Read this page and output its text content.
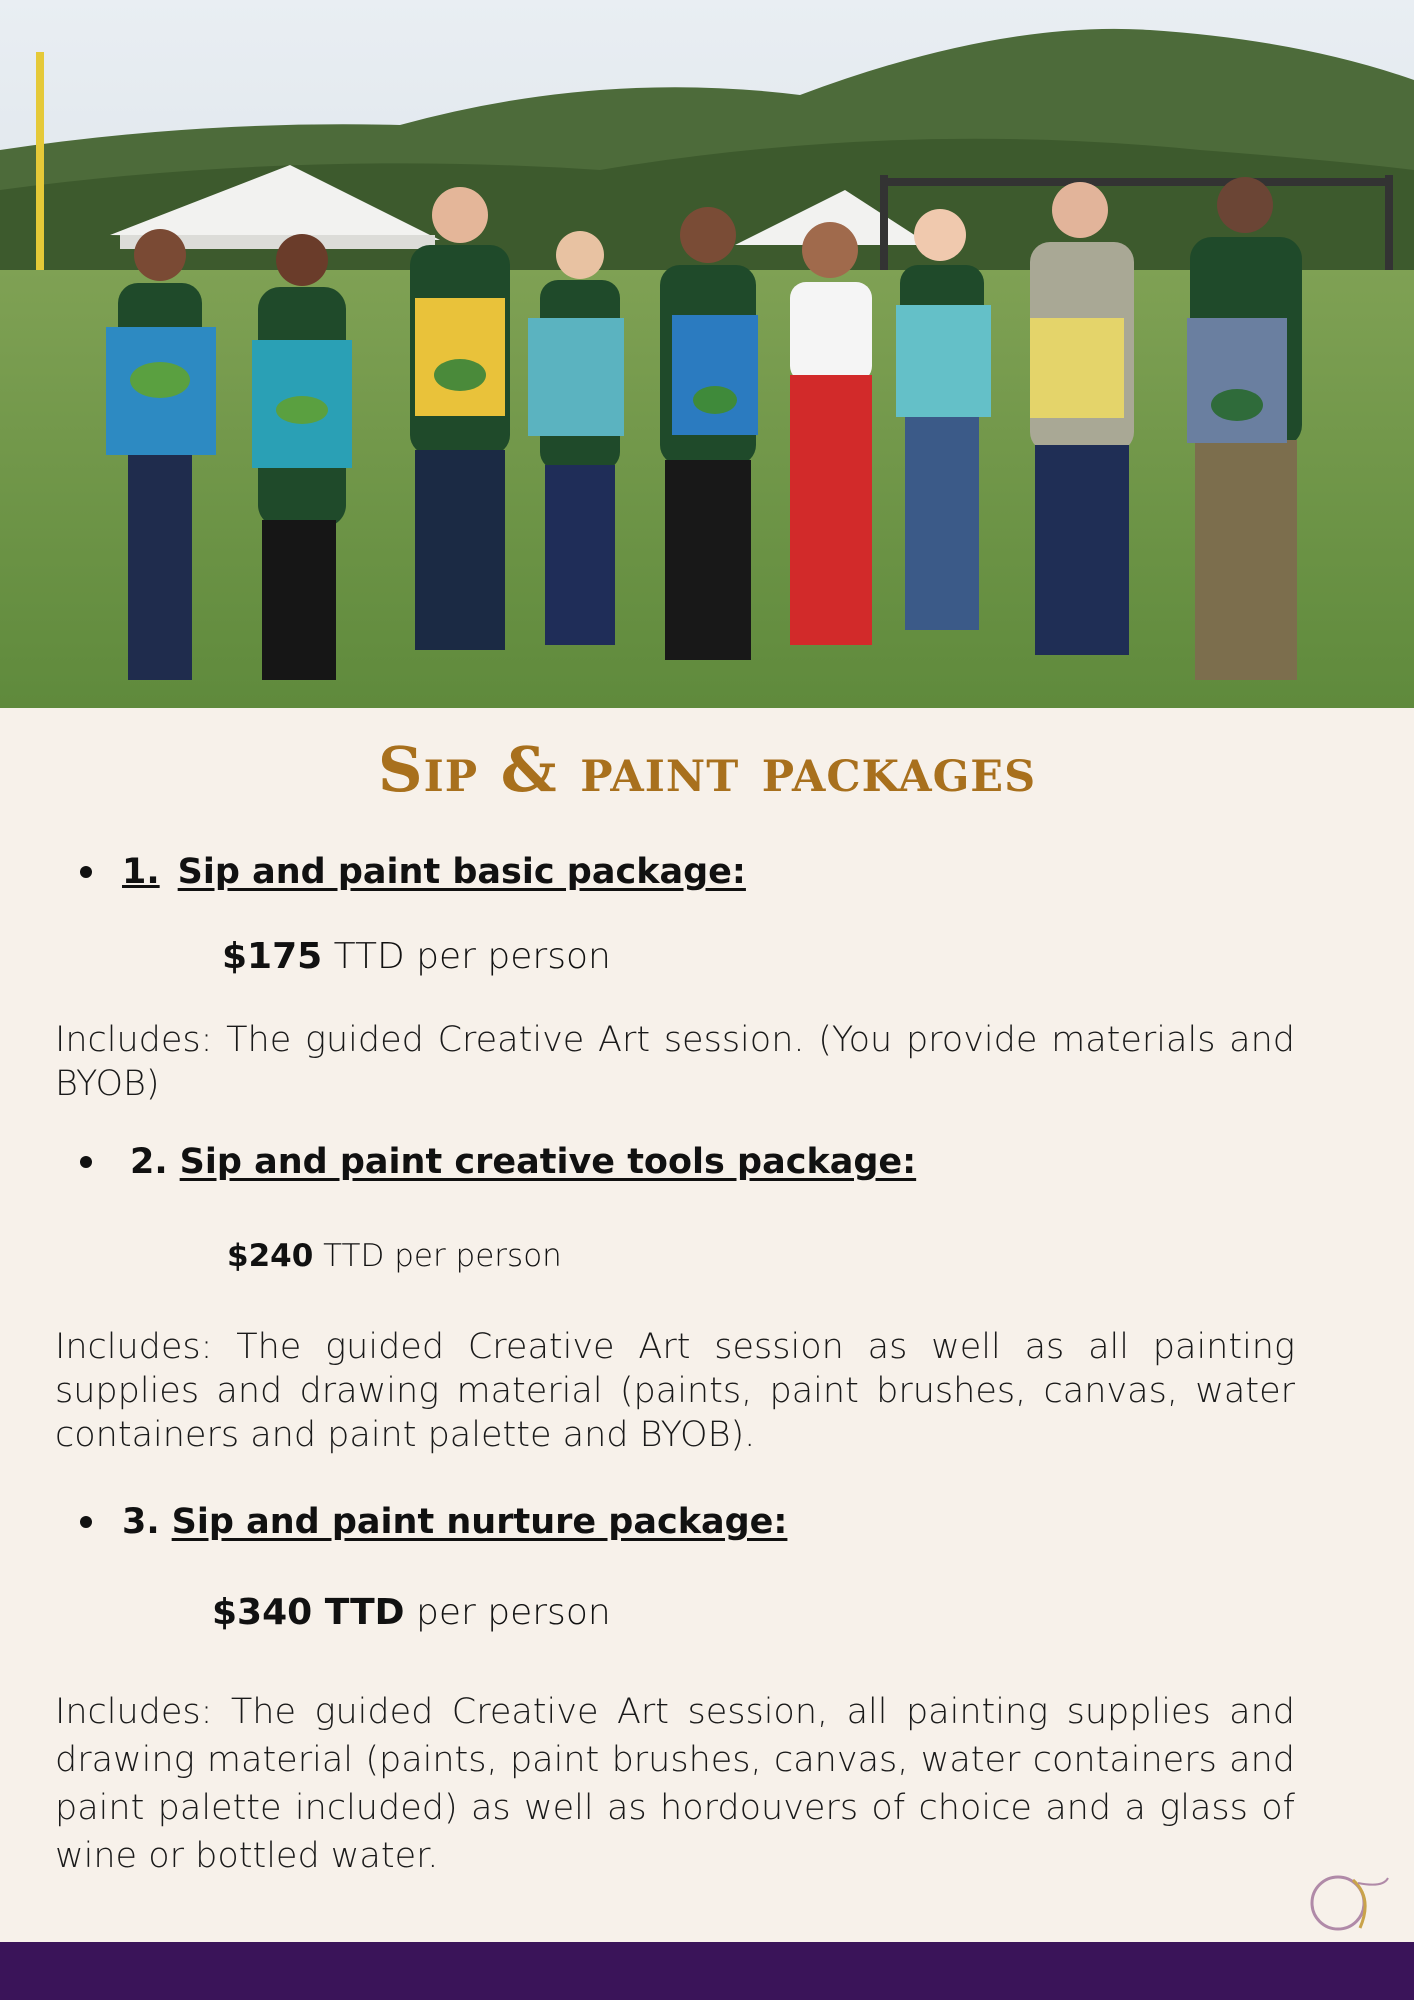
Sip & paint packages
1. Sip and paint basic package:
$175 TTD per person
Includes: The guided Creative Art session. (You provide materials and BYOB)
2. Sip and paint creative tools package:
$240 TTD per person
Includes: The guided Creative Art session as well as all painting supplies and drawing material (paints, paint brushes, canvas, water containers and paint palette and BYOB).
3. Sip and paint nurture package:
$340 TTD per person
Includes: The guided Creative Art session, all painting supplies and drawing material (paints, paint brushes, canvas, water containers and paint palette included) as well as hordouvers of choice and a glass of wine or bottled water.
